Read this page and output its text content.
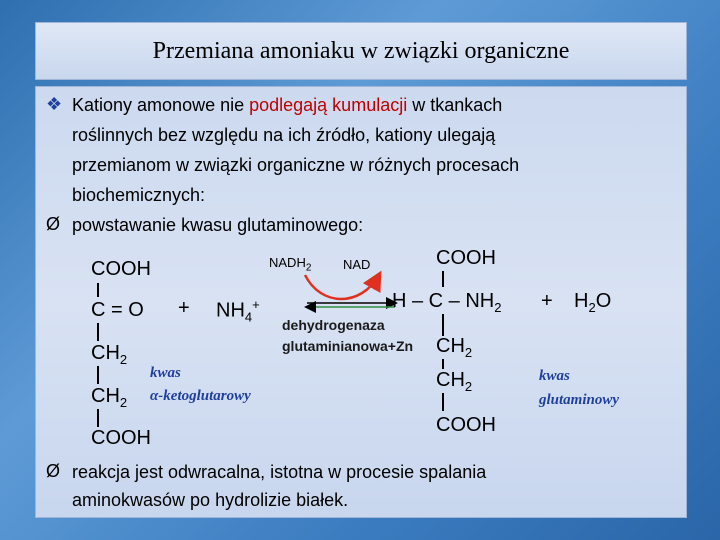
Przemiana amoniaku w związki organiczne
❖ Kationy amonowe nie podlegają kumulacji w tkankach
roślinnych bez względu na ich źródło, kationy ulegają
przemianom w związki organiczne w różnych procesach
biochemicznych:
Ø powstawanie kwasu glutaminowego:
COOH
C = O
$CH_2$
$CH_2$
COOH
+ $NH_4^+$
kwas
α-ketoglutarowy
$NADH_2$ NAD
dehydrogenaza
glutaminianowa+Zn
COOH
H – C – $NH_2$
$CH_2$
$CH_2$
COOH
+ $H_2O$
kwas
glutaminowy
Ø reakcja jest odwracalna, istotna w procesie spalania
aminokwasów po hydrolizie białek.
